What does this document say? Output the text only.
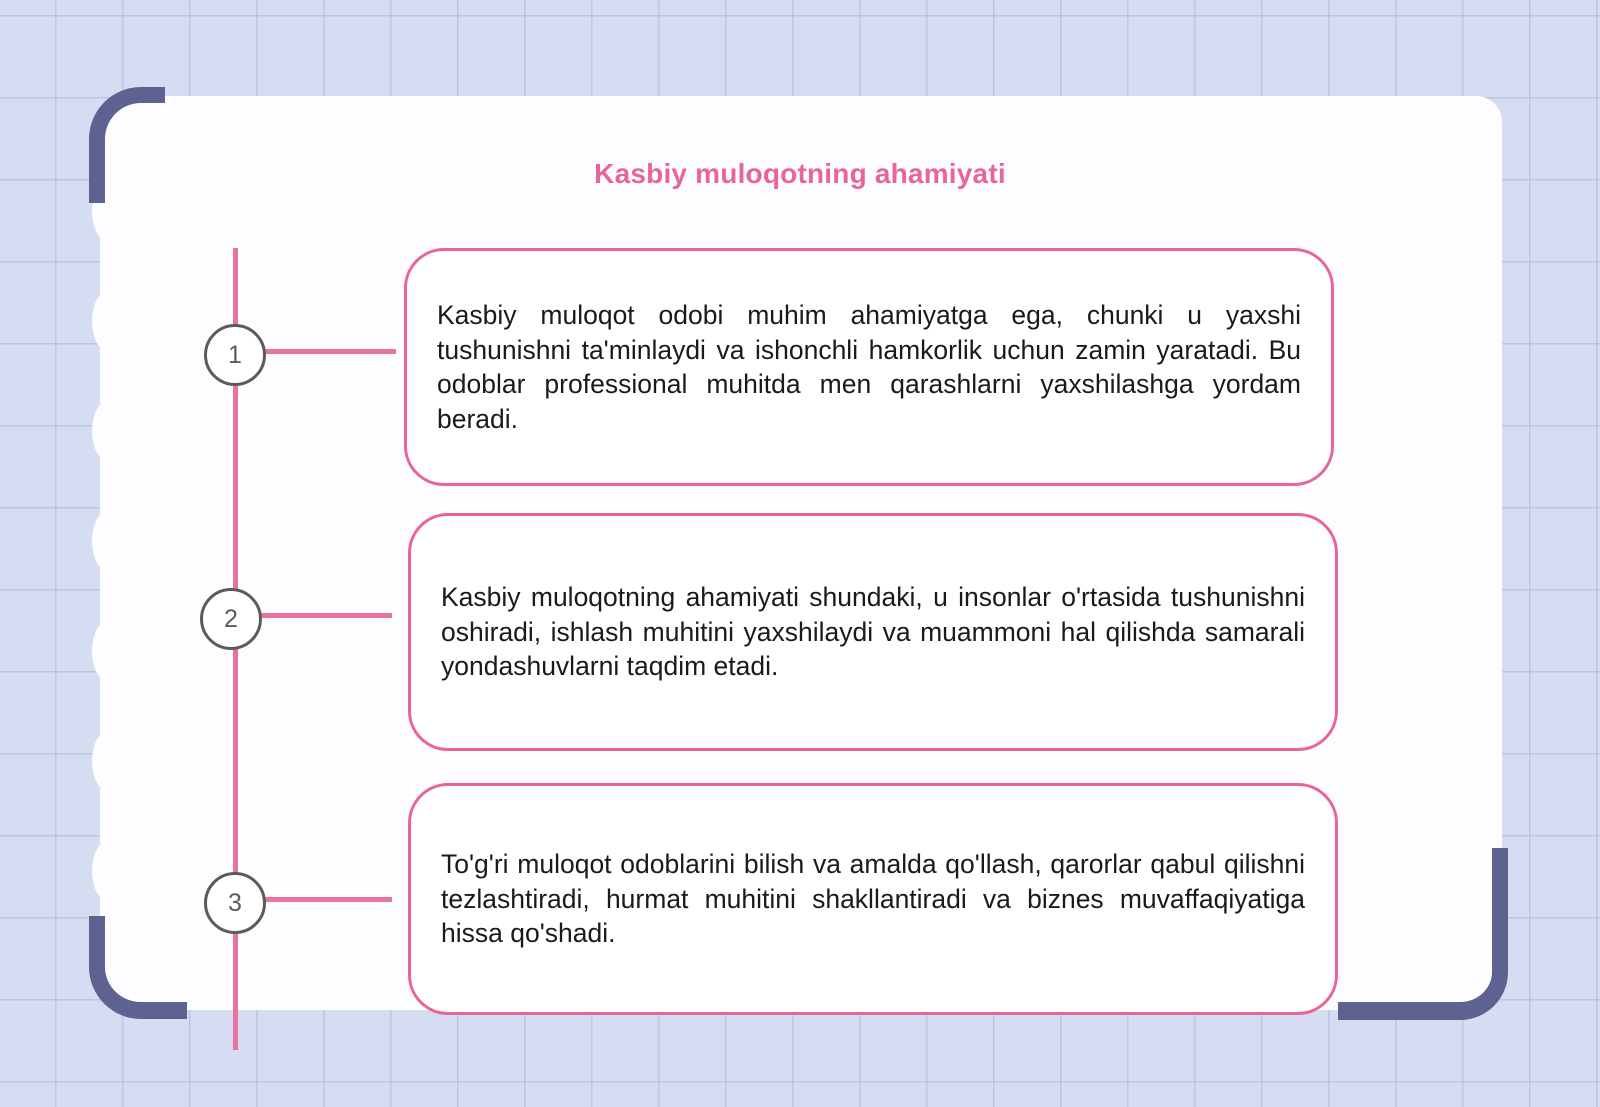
Kasbiy muloqotning ahamiyati
1

Kasbiy muloqot odobi muhim ahamiyatga ega, chunki u yaxshi tushunishni ta'minlaydi va ishonchli hamkorlik uchun zamin yaratadi. Bu odoblar professional muhitda men qarashlarni yaxshilashga yordam beradi.

2

Kasbiy muloqotning ahamiyati shundaki, u insonlar o'rtasida tushunishni oshiradi, ishlash muhitini yaxshilaydi va muammoni hal qilishda samarali yondashuvlarni taqdim etadi.

3

To'g'ri muloqot odoblarini bilish va amalda qo'llash, qarorlar qabul qilishni tezlashtiradi, hurmat muhitini shakllantiradi va biznes muvaffaqiyatiga hissa qo'shadi.
